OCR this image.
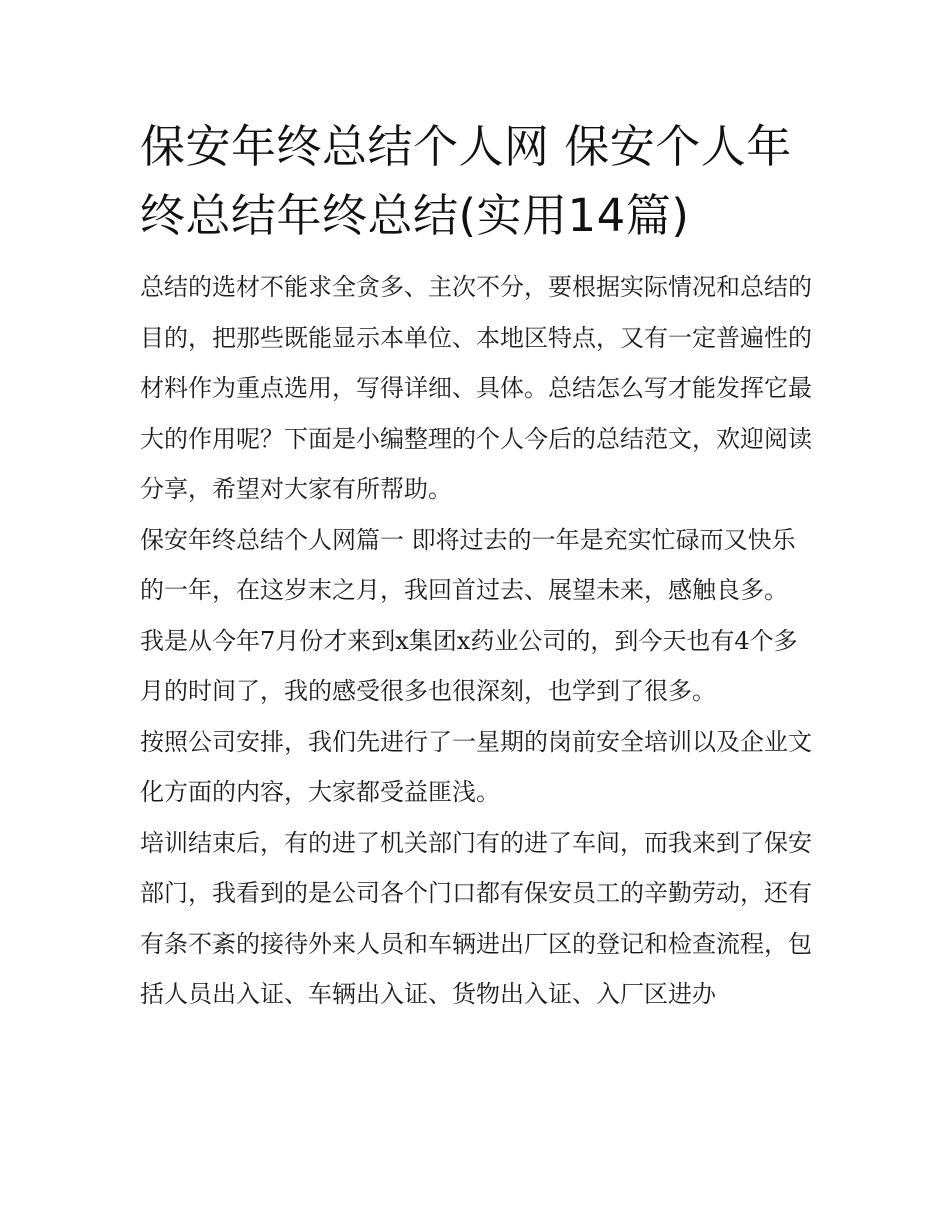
保安年终总结个人网 保安个人年终总结年终总结(实用14篇)

总结的选材不能求全贪多、主次不分，要根据实际情况和总结的目的，把那些既能显示本单位、本地区特点，又有一定普遍性的材料作为重点选用，写得详细、具体。总结怎么写才能发挥它最大的作用呢？下面是小编整理的个人今后的总结范文，欢迎阅读分享，希望对大家有所帮助。

保安年终总结个人网篇一 即将过去的一年是充实忙碌而又快乐的一年，在这岁末之月，我回首过去、展望未来，感触良多。

我是从今年7月份才来到x集团x药业公司的，到今天也有4个多月的时间了，我的感受很多也很深刻，也学到了很多。

按照公司安排，我们先进行了一星期的岗前安全培训以及企业文化方面的内容，大家都受益匪浅。

培训结束后，有的进了机关部门有的进了车间，而我来到了保安部门，我看到的是公司各个门口都有保安员工的辛勤劳动，还有有条不紊的接待外来人员和车辆进出厂区的登记和检查流程，包括人员出入证、车辆出入证、货物出入证、入厂区进办
